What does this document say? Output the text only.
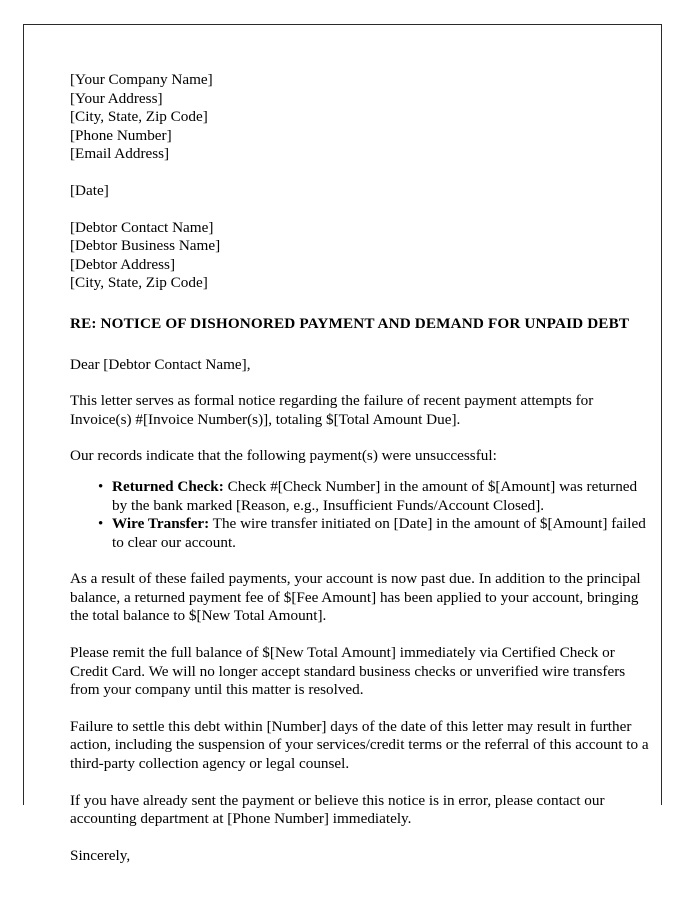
[Your Company Name]
[Your Address]
[City, State, Zip Code]
[Phone Number]
[Email Address]
[Date]
[Debtor Contact Name]
[Debtor Business Name]
[Debtor Address]
[City, State, Zip Code]
RE: NOTICE OF DISHONORED PAYMENT AND DEMAND FOR UNPAID DEBT
Dear [Debtor Contact Name],

This letter serves as formal notice regarding the failure of recent payment attempts for Invoice(s) #[Invoice Number(s)], totaling $[Total Amount Due].

Our records indicate that the following payment(s) were unsuccessful:

• Returned Check: Check #[Check Number] in the amount of $[Amount] was returned by the bank marked [Reason, e.g., Insufficient Funds/Account Closed].
• Wire Transfer: The wire transfer initiated on [Date] in the amount of $[Amount] failed to clear our account.

As a result of these failed payments, your account is now past due. In addition to the principal balance, a returned payment fee of $[Fee Amount] has been applied to your account, bringing the total balance to $[New Total Amount].

Please remit the full balance of $[New Total Amount] immediately via Certified Check or Credit Card. We will no longer accept standard business checks or unverified wire transfers from your company until this matter is resolved.

Failure to settle this debt within [Number] days of the date of this letter may result in further action, including the suspension of your services/credit terms or the referral of this account to a third-party collection agency or legal counsel.

If you have already sent the payment or believe this notice is in error, please contact our accounting department at [Phone Number] immediately.

Sincerely,
